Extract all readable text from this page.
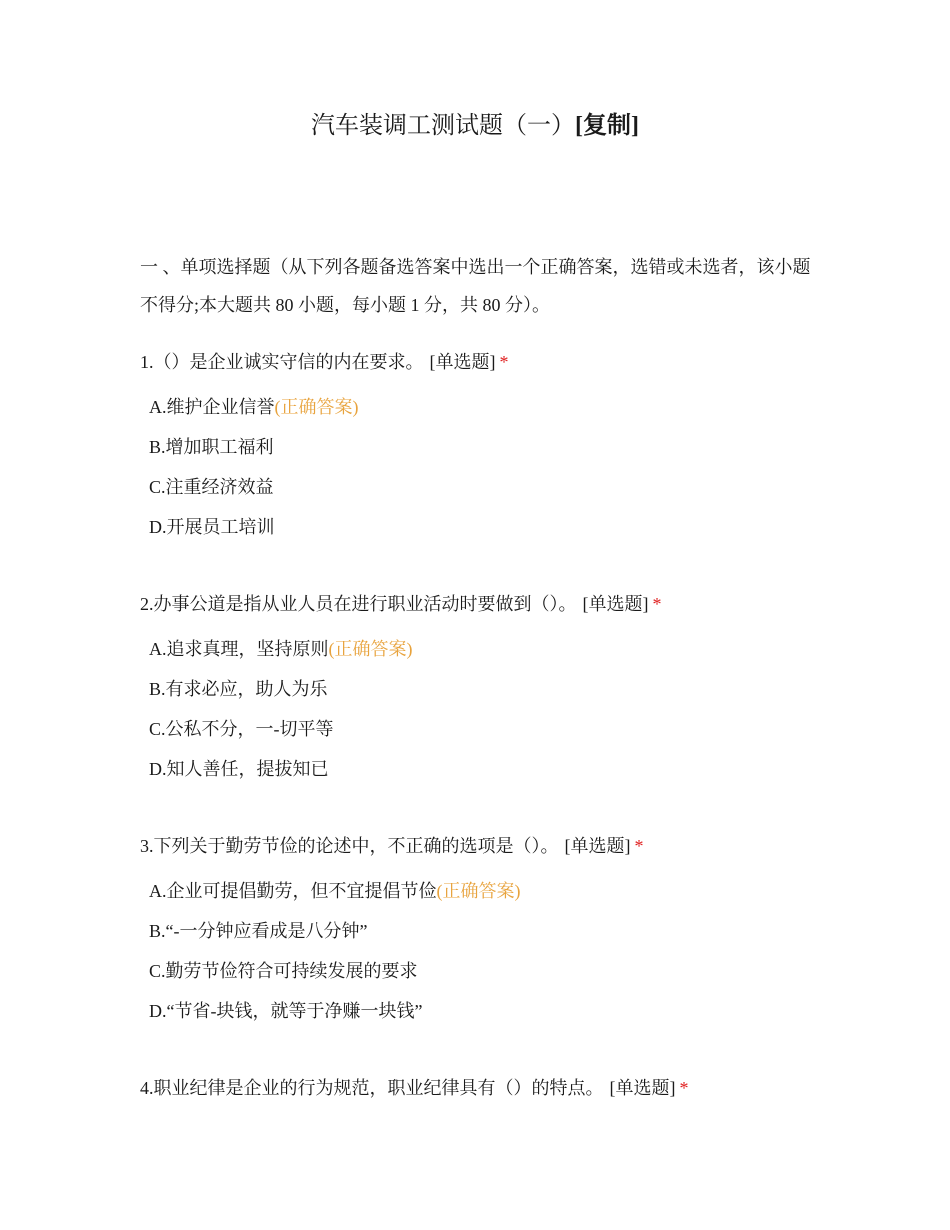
汽车装调工测试题（一）[复制]
一 、单项选择题（从下列各题备选答案中选出一个正确答案，选错或未选者，该小题不得分;本大题共 80 小题，每小题 1 分，共 80 分）。

1.（）是企业诚实守信的内在要求。 [单选题] *

A.维护企业信誉(正确答案)
B.增加职工福利
C.注重经济效益
D.开展员工培训

2.办事公道是指从业人员在进行职业活动时要做到（）。 [单选题] *

A.追求真理，坚持原则(正确答案)
B.有求必应，助人为乐
C.公私不分，一-切平等
D.知人善任，提拔知已

3.下列关于勤劳节俭的论述中，不正确的选项是（）。 [单选题] *

A.企业可提倡勤劳，但不宜提倡节俭(正确答案)
B.“-一分钟应看成是八分钟”
C.勤劳节俭符合可持续发展的要求
D.“节省-块钱，就等于净赚一块钱”

4.职业纪律是企业的行为规范，职业纪律具有（）的特点。 [单选题] *
